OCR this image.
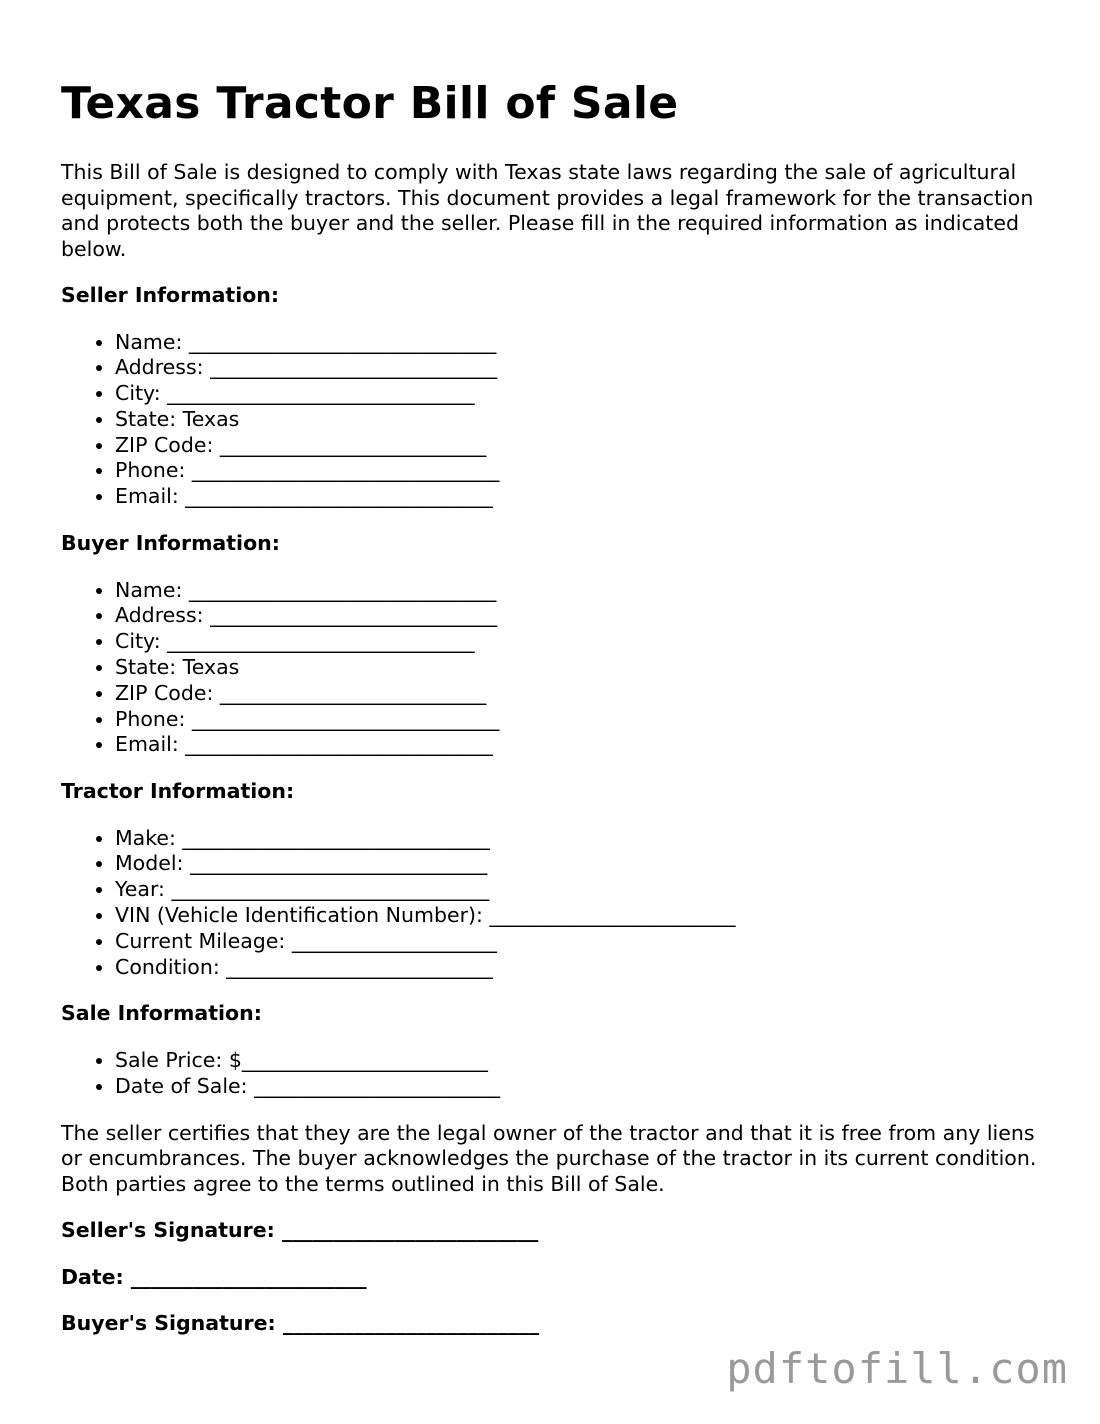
Texas Tractor Bill of Sale

This Bill of Sale is designed to comply with Texas state laws regarding the sale of agricultural equipment, specifically tractors. This document provides a legal framework for the transaction and protects both the buyer and the seller. Please fill in the required information as indicated below.

Seller Information:
• Name: ______________________________
• Address: ____________________________
• City: ______________________________
• State: Texas
• ZIP Code: __________________________
• Phone: ______________________________
• Email: ______________________________
Buyer Information:
• Name: ______________________________
• Address: ____________________________
• City: ______________________________
• State: Texas
• ZIP Code: __________________________
• Phone: ______________________________
• Email: ______________________________
Tractor Information:
• Make: ______________________________
• Model: _____________________________
• Year: _______________________________
• VIN (Vehicle Identification Number): ________________________
• Current Mileage: ____________________
• Condition: __________________________
Sale Information:
• Sale Price: $________________________
• Date of Sale: ________________________

The seller certifies that they are the legal owner of the tractor and that it is free from any liens or encumbrances. The buyer acknowledges the purchase of the tractor in its current condition. Both parties agree to the terms outlined in this Bill of Sale.

Seller's Signature: _________________________
Date: _______________________
Buyer's Signature: _________________________
pdftofill.com
